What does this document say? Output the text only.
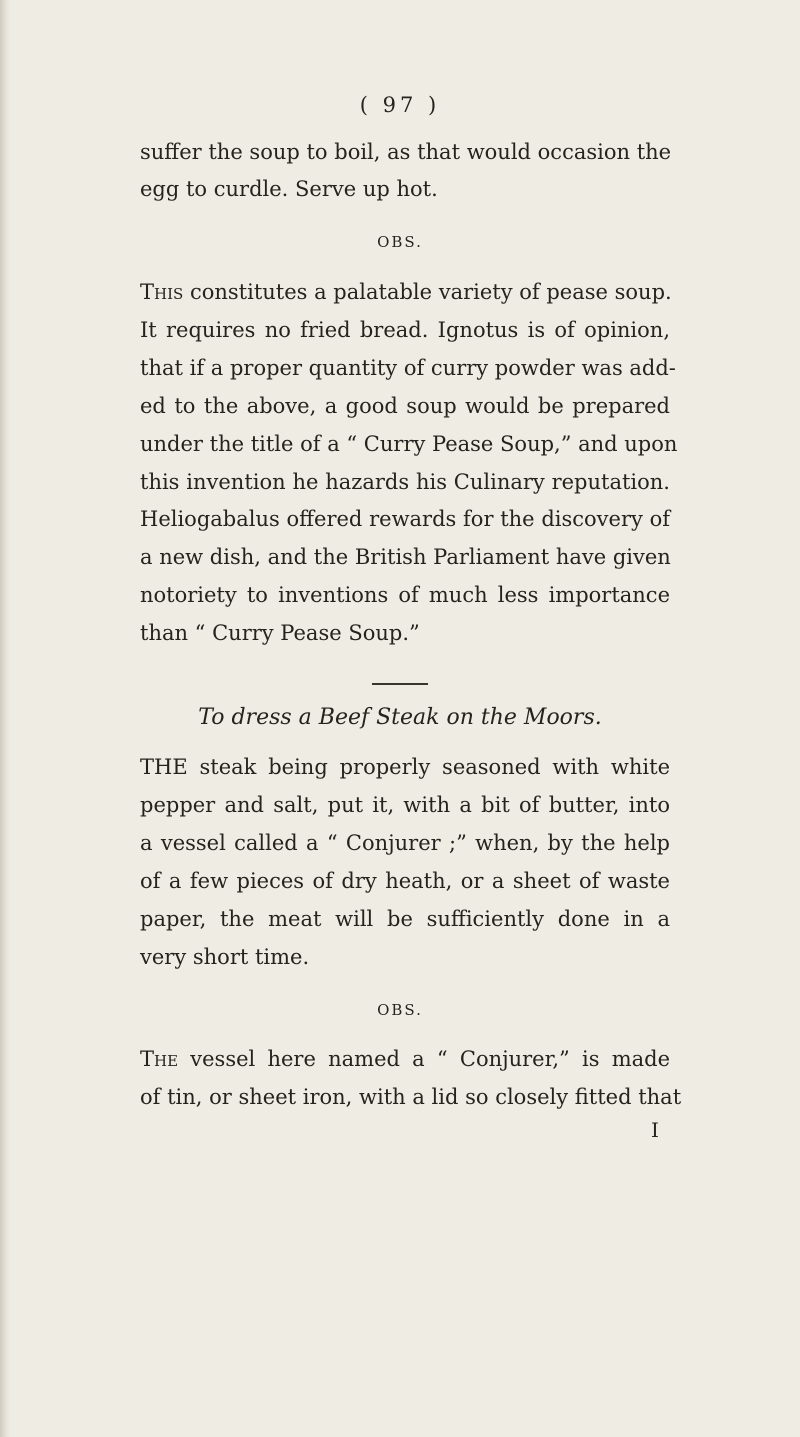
( 97 )
suffer the soup to boil, as that would occasion the
egg to curdle. Serve up hot.
OBS.
This constitutes a palatable variety of pease soup.
It requires no fried bread. Ignotus is of opinion,
that if a proper quantity of curry powder was add-
ed to the above, a good soup would be prepared
under the title of a “ Curry Pease Soup,” and upon
this invention he hazards his Culinary reputation.
Heliogabalus offered rewards for the discovery of
a new dish, and the British Parliament have given
notoriety to inventions of much less importance
than “ Curry Pease Soup.”
To dress a Beef Steak on the Moors.
THE steak being properly seasoned with white
pepper and salt, put it, with a bit of butter, into
a vessel called a “ Conjurer ;” when, by the help
of a few pieces of dry heath, or a sheet of waste
paper, the meat will be sufficiently done in a
very short time.
OBS.
The vessel here named a “ Conjurer,” is made
of tin, or sheet iron, with a lid so closely fitted that
I
